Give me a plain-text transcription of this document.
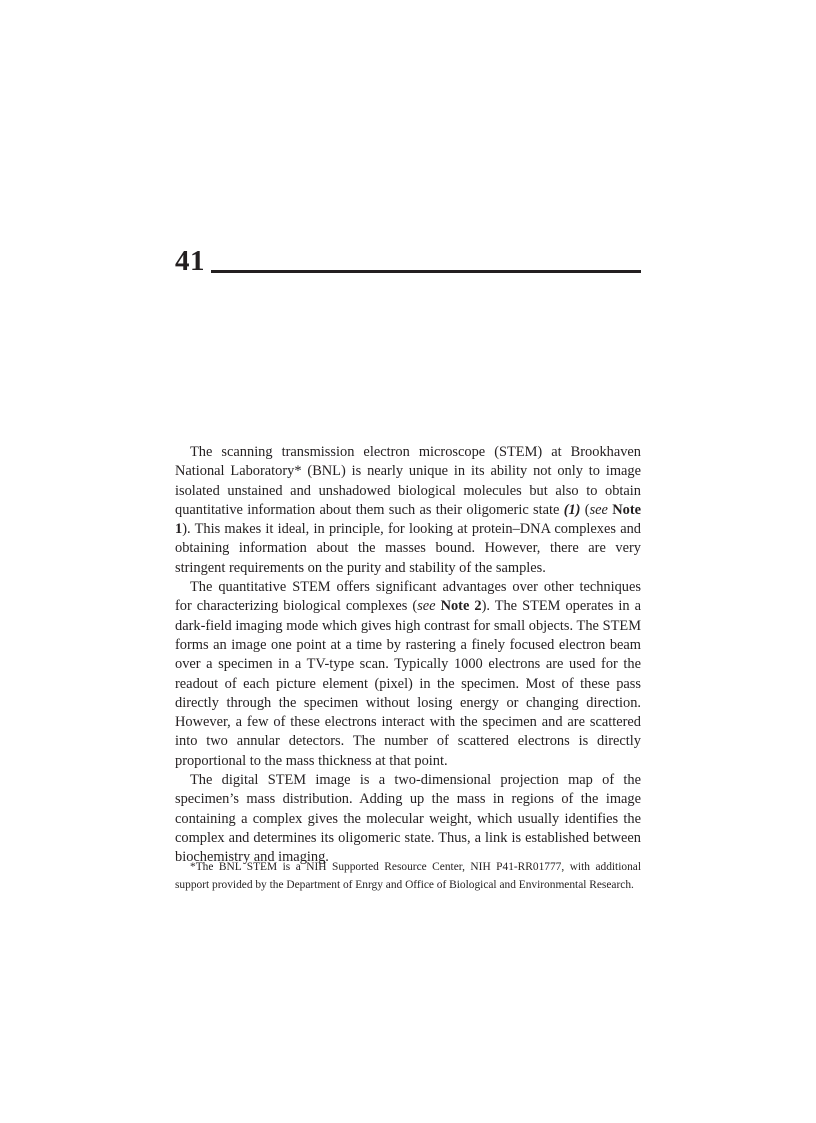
41

The scanning transmission electron microscope (STEM) at Brookhaven National Laboratory* (BNL) is nearly unique in its ability not only to image isolated unstained and unshadowed biological molecules but also to obtain quantitative information about them such as their oligomeric state (1) (see Note 1). This makes it ideal, in principle, for looking at protein–DNA complexes and obtaining information about the masses bound. However, there are very stringent requirements on the purity and stability of the samples.

The quantitative STEM offers significant advantages over other techniques for characterizing biological complexes (see Note 2). The STEM operates in a dark-field imaging mode which gives high contrast for small objects. The STEM forms an image one point at a time by rastering a finely focused electron beam over a specimen in a TV-type scan. Typically 1000 electrons are used for the readout of each picture element (pixel) in the specimen. Most of these pass directly through the specimen without losing energy or changing direction. However, a few of these electrons interact with the specimen and are scattered into two annular detectors. The number of scattered electrons is directly proportional to the mass thickness at that point.

The digital STEM image is a two-dimensional projection map of the specimen’s mass distribution. Adding up the mass in regions of the image containing a complex gives the molecular weight, which usually identifies the complex and determines its oligomeric state. Thus, a link is established between biochemistry and imaging.

*The BNL STEM is a NIH Supported Resource Center, NIH P41-RR01777, with additional support provided by the Department of Enrgy and Office of Biological and Environmental Research.
